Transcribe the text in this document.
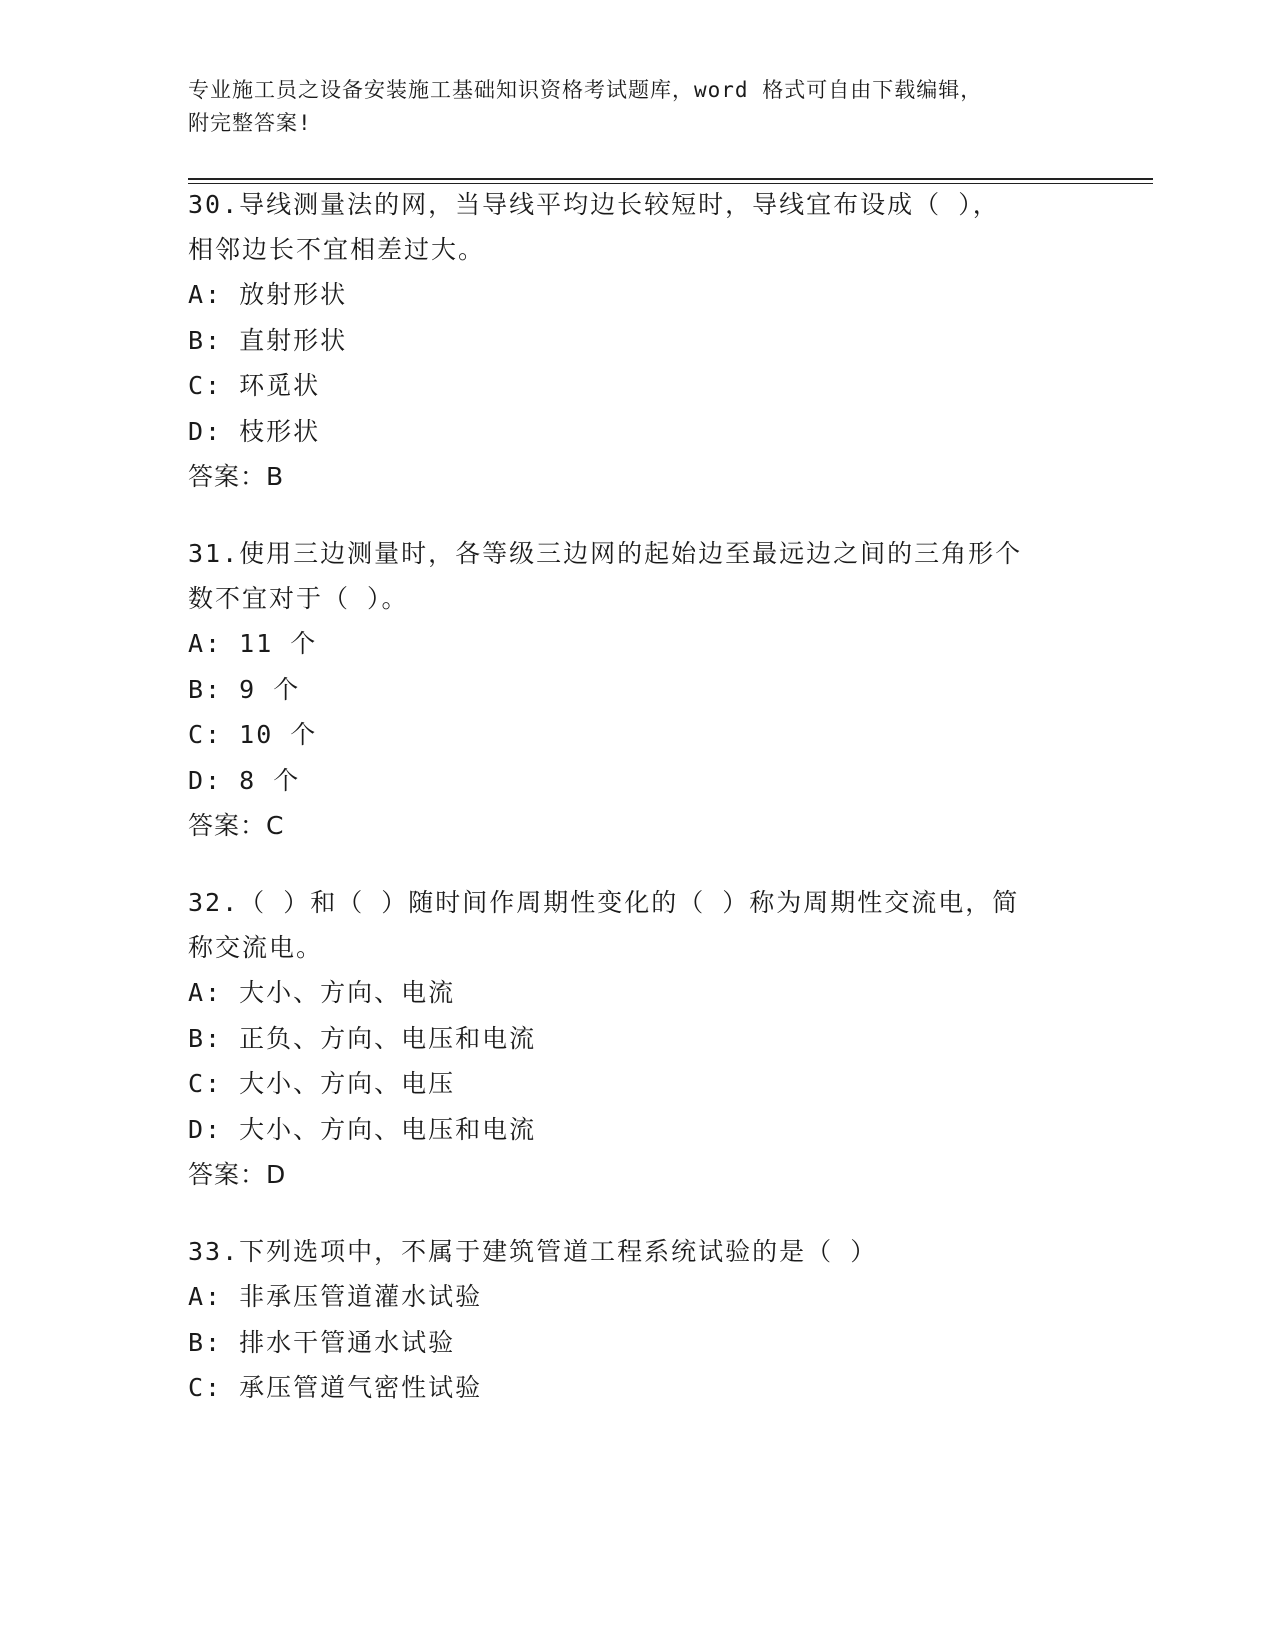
专业施工员之设备安装施工基础知识资格考试题库，word 格式可自由下载编辑，
附完整答案!
30.导线测量法的网，当导线平均边长较短时，导线宜布设成（ ），
相邻边长不宜相差过大。
A: 放射形状
B: 直射形状
C: 环觅状
D: 枝形状
答案：B
31.使用三边测量时，各等级三边网的起始边至最远边之间的三角形个
数不宜对于（ ）。
A: 11 个
B: 9 个
C: 10 个
D: 8 个
答案：C
32.（ ）和（ ）随时间作周期性变化的（ ）称为周期性交流电，简
称交流电。
A: 大小、方向、电流
B: 正负、方向、电压和电流
C: 大小、方向、电压
D: 大小、方向、电压和电流
答案：D
33.下列选项中，不属于建筑管道工程系统试验的是（ ）
A: 非承压管道灌水试验
B: 排水干管通水试验
C: 承压管道气密性试验
